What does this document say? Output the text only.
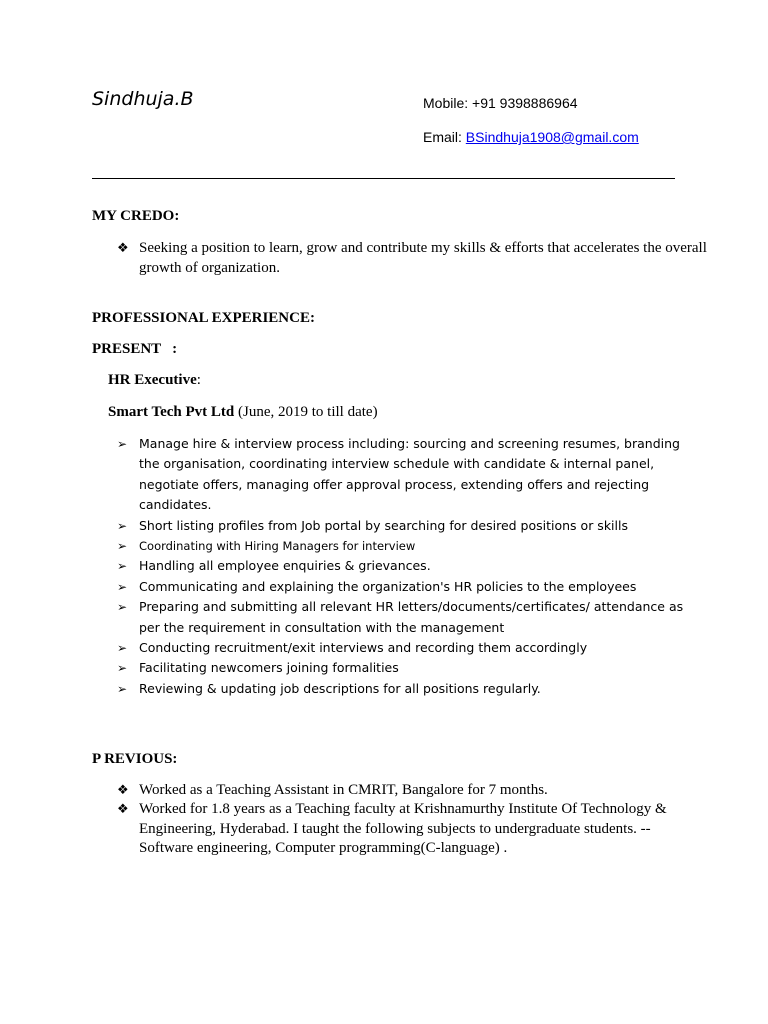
Sindhuja.B	Mobile: +91 9398886964
Email: BSindhuja1908@gmail.com
MY CREDO:
❖ Seeking a position to learn, grow and contribute my skills & efforts that accelerates the overall growth of organization.
PROFESSIONAL EXPERIENCE:
PRESENT   :
HR Executive:
Smart Tech Pvt Ltd (June, 2019 to till date)
➢ Manage hire & interview process including: sourcing and screening resumes, branding the organisation, coordinating interview schedule with candidate & internal panel, negotiate offers, managing offer approval process, extending offers and rejecting candidates.
➢ Short listing profiles from Job portal by searching for desired positions or skills
➢ Coordinating with Hiring Managers for interview
➢ Handling all employee enquiries & grievances.
➢ Communicating and explaining the organization's HR policies to the employees
➢ Preparing and submitting all relevant HR letters/documents/certificates/ attendance as per the requirement in consultation with the management
➢ Conducting recruitment/exit interviews and recording them accordingly
➢ Facilitating newcomers joining formalities
➢ Reviewing & updating job descriptions for all positions regularly.
P REVIOUS:
❖ Worked as a Teaching Assistant in CMRIT, Bangalore for 7 months.
❖ Worked for 1.8 years as a Teaching faculty at Krishnamurthy Institute Of Technology & Engineering, Hyderabad. I taught the following subjects to undergraduate students. --Software engineering, Computer programming(C-language) .
